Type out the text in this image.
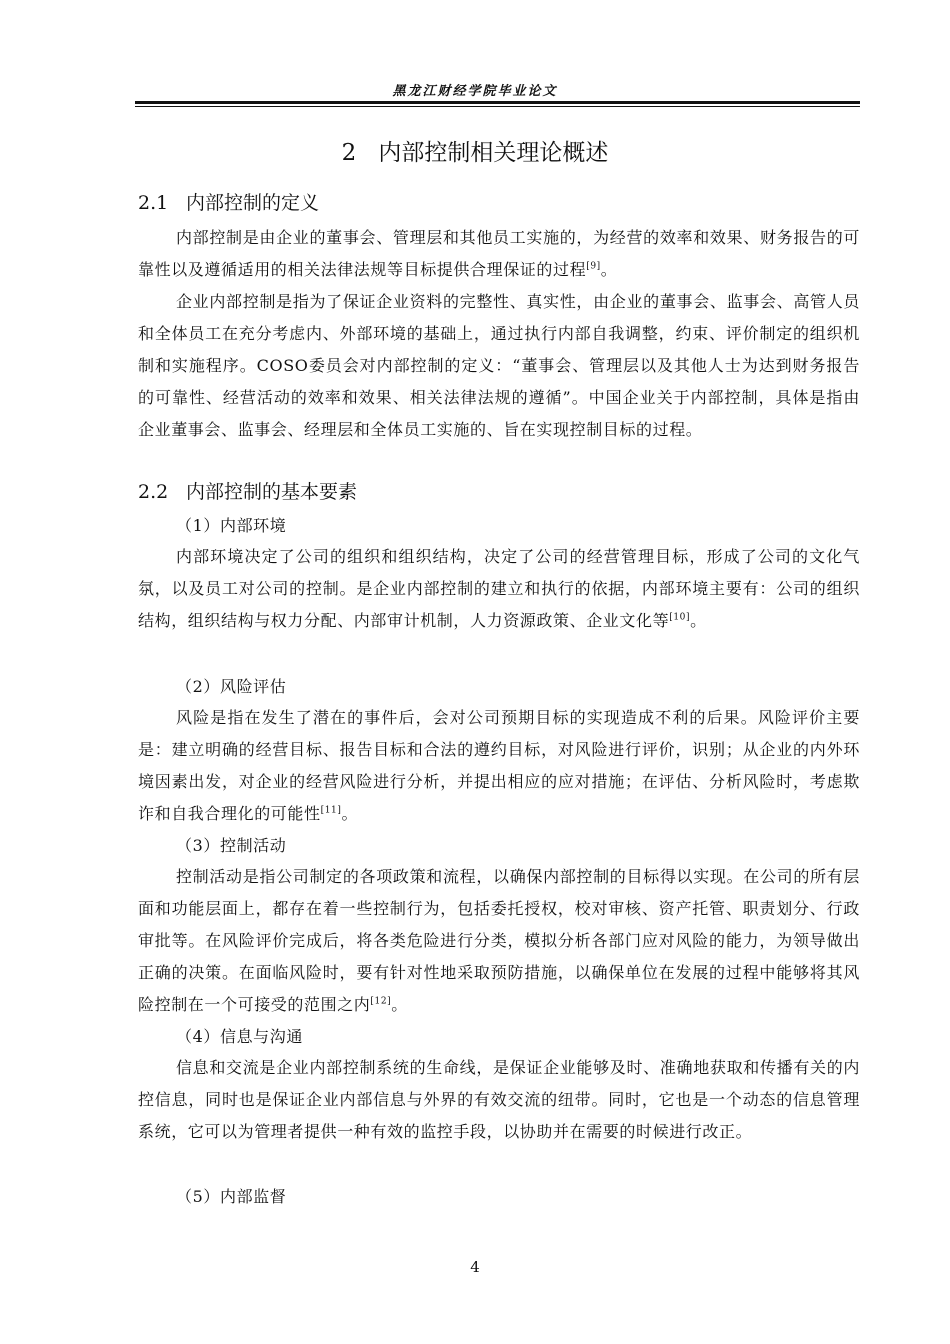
黑龙江财经学院毕业论文
2 内部控制相关理论概述
2.1 内部控制的定义

内部控制是由企业的董事会、管理层和其他员工实施的，为经营的效率和效果、财务报告的可靠性以及遵循适用的相关法律法规等目标提供合理保证的过程[9]。

企业内部控制是指为了保证企业资料的完整性、真实性，由企业的董事会、监事会、高管人员和全体员工在充分考虑内、外部环境的基础上，通过执行内部自我调整，约束、评价制定的组织机制和实施程序。COSO委员会对内部控制的定义：“董事会、管理层以及其他人士为达到财务报告的可靠性、经营活动的效率和效果、相关法律法规的遵循”。中国企业关于内部控制，具体是指由企业董事会、监事会、经理层和全体员工实施的、旨在实现控制目标的过程。

2.2 内部控制的基本要素
（1）内部环境

内部环境决定了公司的组织和组织结构，决定了公司的经营管理目标，形成了公司的文化气氛，以及员工对公司的控制。是企业内部控制的建立和执行的依据，内部环境主要有：公司的组织结构，组织结构与权力分配、内部审计机制，人力资源政策、企业文化等[10]。

（2）风险评估

风险是指在发生了潜在的事件后，会对公司预期目标的实现造成不利的后果。风险评价主要是：建立明确的经营目标、报告目标和合法的遵约目标，对风险进行评价，识别；从企业的内外环境因素出发，对企业的经营风险进行分析，并提出相应的应对措施；在评估、分析风险时，考虑欺诈和自我合理化的可能性[11]。

（3）控制活动

控制活动是指公司制定的各项政策和流程，以确保内部控制的目标得以实现。在公司的所有层面和功能层面上，都存在着一些控制行为，包括委托授权，校对审核、资产托管、职责划分、行政审批等。在风险评价完成后，将各类危险进行分类，模拟分析各部门应对风险的能力，为领导做出正确的决策。在面临风险时，要有针对性地采取预防措施，以确保单位在发展的过程中能够将其风险控制在一个可接受的范围之内[12]。

（4）信息与沟通

信息和交流是企业内部控制系统的生命线，是保证企业能够及时、准确地获取和传播有关的内控信息，同时也是保证企业内部信息与外界的有效交流的纽带。同时，它也是一个动态的信息管理系统，它可以为管理者提供一种有效的监控手段，以协助并在需要的时候进行改正。

（5）内部监督
4
